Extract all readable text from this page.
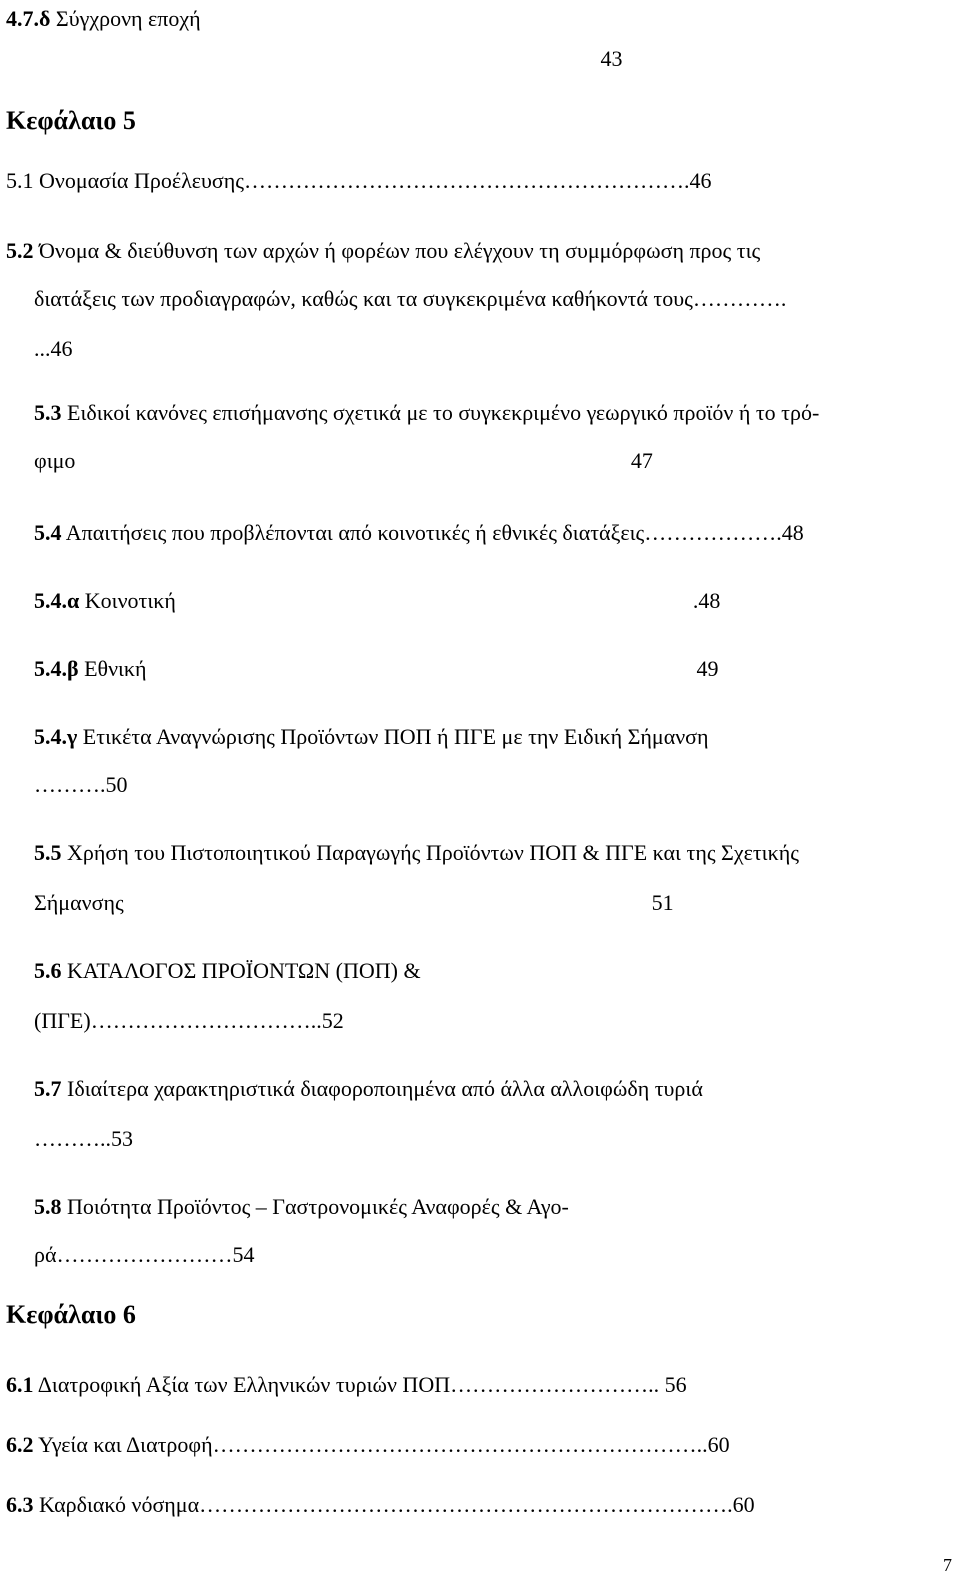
4.7.δ Σύγχρονη εποχή
43
Κεφάλαιο 5
5.1 Ονομασία Προέλευσης…………………………………………………….46
5.2 Όνομα & διεύθυνση των αρχών ή φορέων που ελέγχουν τη συμμόρφωση προς τις
διατάξεις των προδιαγραφών, καθώς και τα συγκεκριμένα καθήκοντά τους………….
...46
5.3 Ειδικοί κανόνες επισήμανσης σχετικά με το συγκεκριμένο γεωργικό προϊόν ή το τρό-
φιμο                                                                                                     47
5.4 Απαιτήσεις που προβλέπονται από κοινοτικές ή εθνικές διατάξεις……………….48
5.4.α Κοινοτική                                                                                              .48
5.4.β Εθνική                                                                                                    49
5.4.γ Ετικέτα Αναγνώρισης Προϊόντων ΠΟΠ ή ΠΓΕ με την Ειδική Σήμανση
……….50
5.5 Χρήση του Πιστοποιητικού Παραγωγής Προϊόντων ΠΟΠ & ΠΓΕ και της Σχετικής
Σήμανσης                                                                                                51
5.6 ΚΑΤΑΛΟΓΟΣ ΠΡΟΪΟΝΤΩΝ (ΠΟΠ) &
(ΠΓΕ)…………………………..52
5.7 Ιδιαίτερα χαρακτηριστικά διαφοροποιημένα από άλλα αλλοιφώδη τυριά
………..53
5.8 Ποιότητα Προϊόντος – Γαστρονομικές Αναφορές & Αγο-
ρά……………………54
Κεφάλαιο 6
6.1 Διατροφική Αξία των Ελληνικών τυριών ΠΟΠ……………………….. 56
6.2 Υγεία και Διατροφή…………………………………………………………..60
6.3 Καρδιακό νόσημα……………………………………………………………….60
7
